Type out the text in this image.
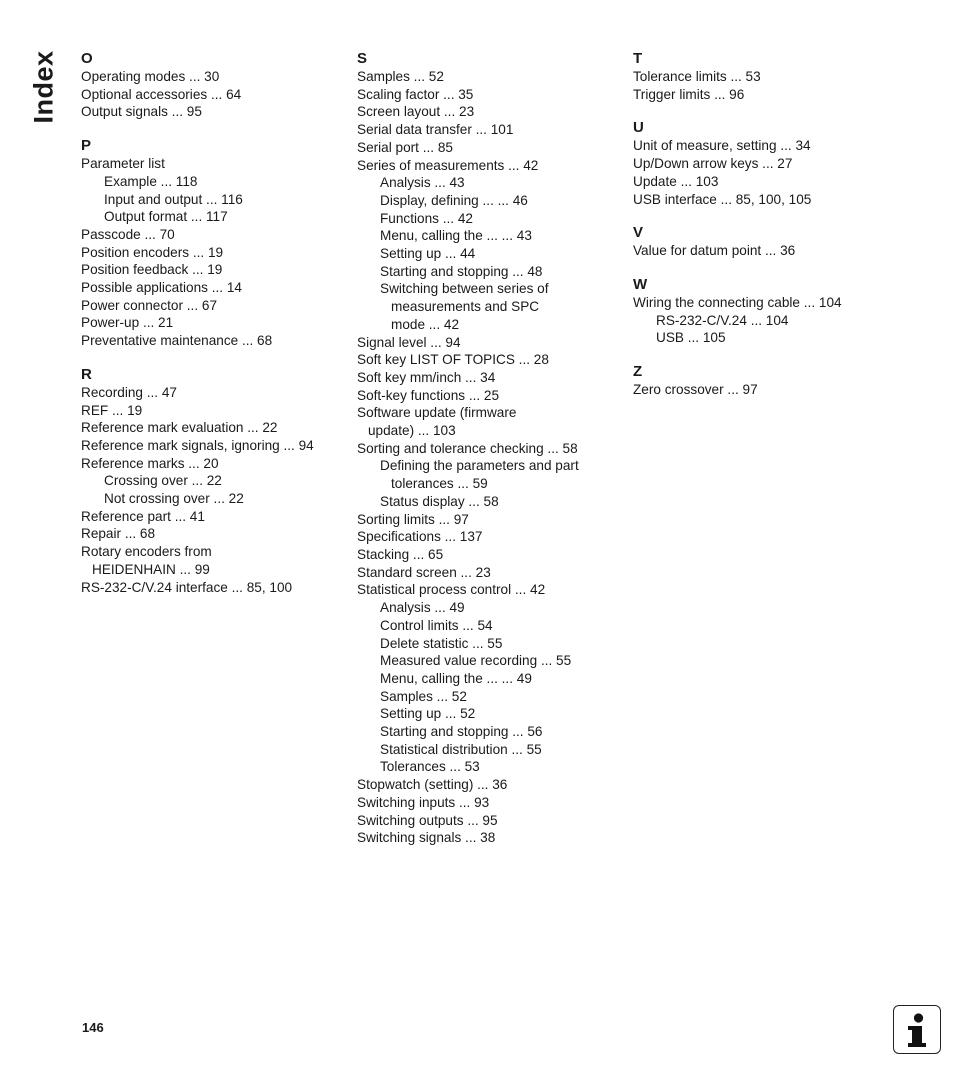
Index O
Operating modes ... 30
Optional accessories ... 64
Output signals ... 95
P
Parameter list
Example ... 118
Input and output ... 116
Output format ... 117
Passcode ... 70
Position encoders ... 19
Position feedback ... 19
Possible applications ... 14
Power connector ... 67
Power-up ... 21
Preventative maintenance ... 68
R
Recording ... 47
REF ... 19
Reference mark evaluation ... 22
Reference mark signals, ignoring ... 94
Reference marks ... 20
Crossing over ... 22
Not crossing over ... 22
Reference part ... 41
Repair ... 68
Rotary encoders from
HEIDENHAIN ... 99
RS-232-C/V.24 interface ... 85, 100
S
Samples ... 52
Scaling factor ... 35
Screen layout ... 23
Serial data transfer ... 101
Serial port ... 85
Series of measurements ... 42
Analysis ... 43
Display, defining ... ... 46
Functions ... 42
Menu, calling the ... ... 43
Setting up ... 44
Starting and stopping ... 48
Switching between series of
measurements and SPC
mode ... 42
Signal level ... 94
Soft key LIST OF TOPICS ... 28
Soft key mm/inch ... 34
Soft-key functions ... 25
Software update (firmware
update) ... 103
Sorting and tolerance checking ... 58
Defining the parameters and part
tolerances ... 59
Status display ... 58
Sorting limits ... 97
Specifications ... 137
Stacking ... 65
Standard screen ... 23
Statistical process control ... 42
Analysis ... 49
Control limits ... 54
Delete statistic ... 55
Measured value recording ... 55
Menu, calling the ... ... 49
Samples ... 52
Setting up ... 52
Starting and stopping ... 56
Statistical distribution ... 55
Tolerances ... 53
Stopwatch (setting) ... 36
Switching inputs ... 93
Switching outputs ... 95
Switching signals ... 38
T
Tolerance limits ... 53
Trigger limits ... 96
U
Unit of measure, setting ... 34
Up/Down arrow keys ... 27
Update ... 103
USB interface ... 85, 100, 105
V
Value for datum point ... 36
W
Wiring the connecting cable ... 104
RS-232-C/V.24 ... 104
USB ... 105
Z
Zero crossover ... 97
146
